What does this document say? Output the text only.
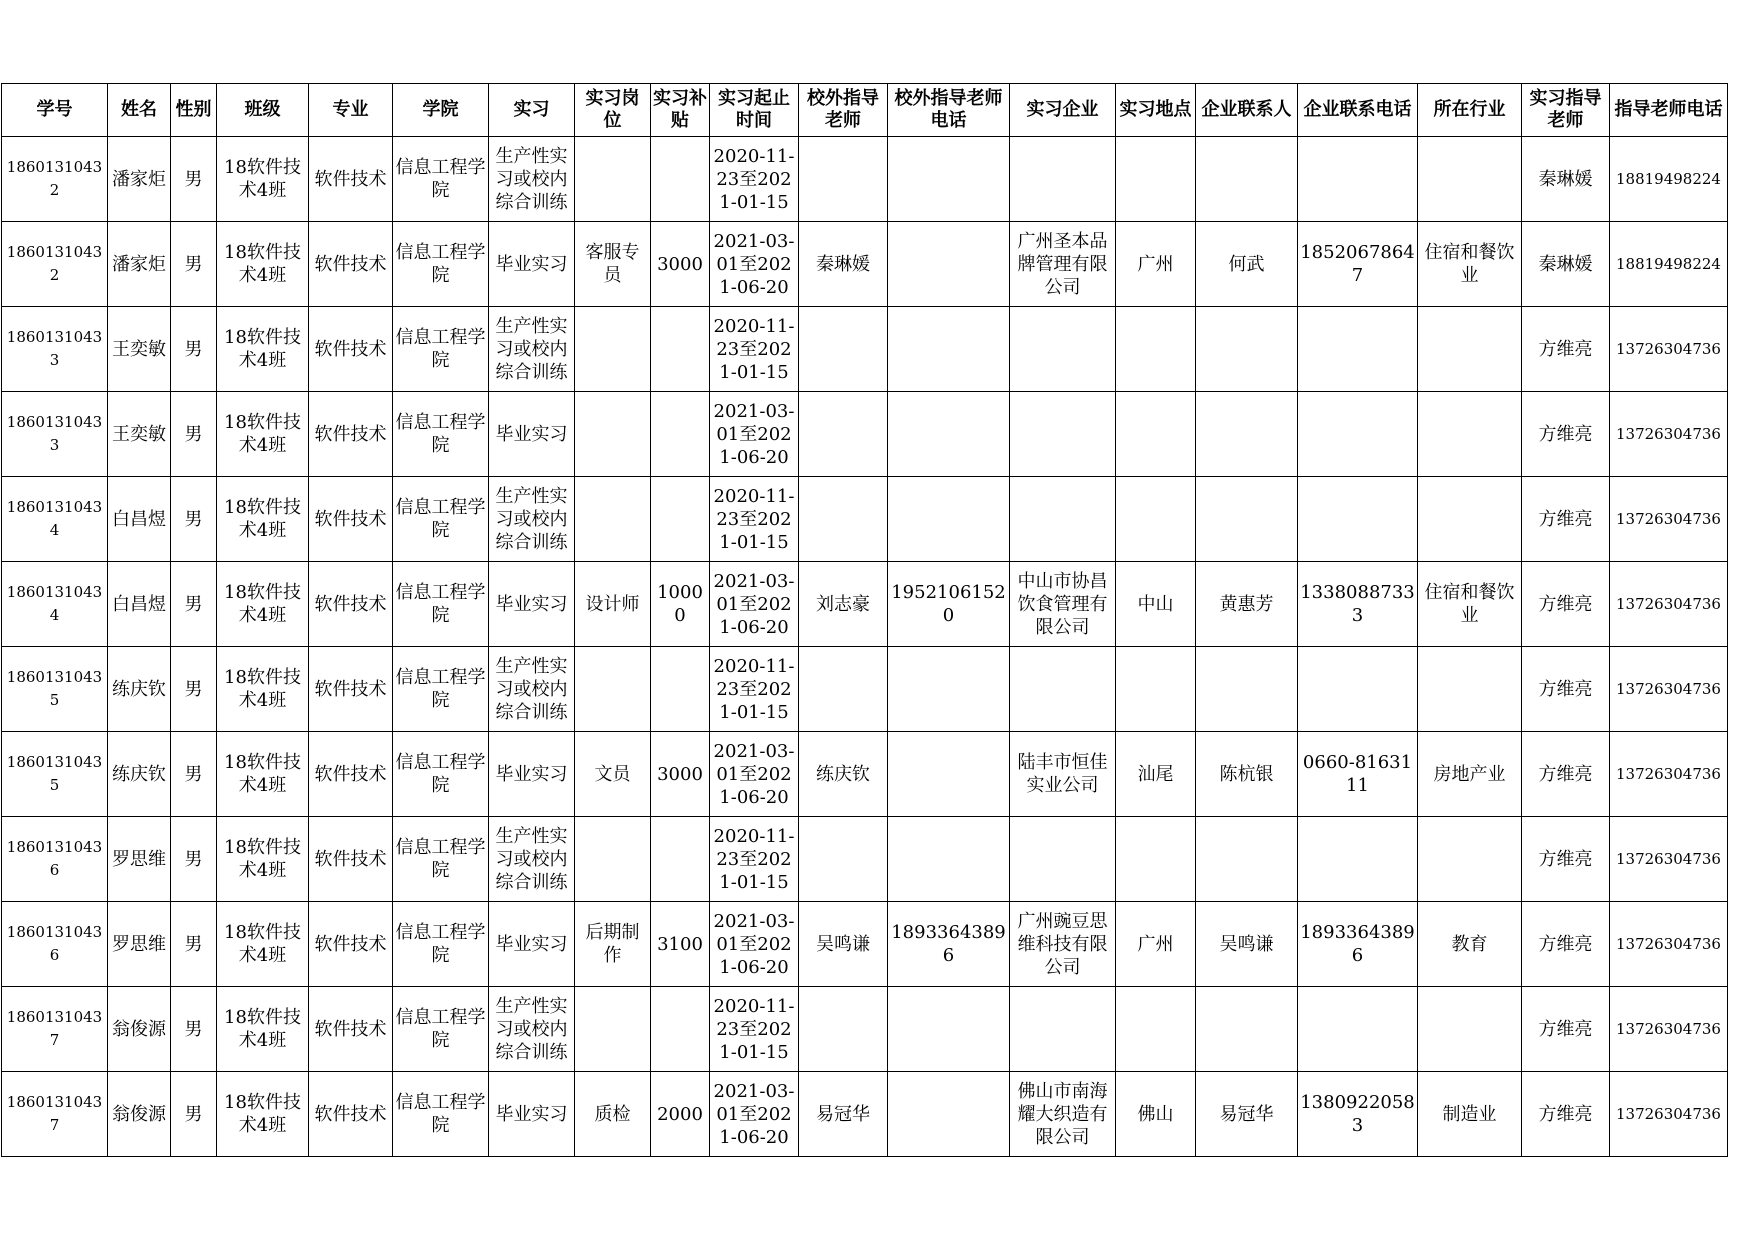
学号	姓名	性别	班级	专业	学院	实习	实习岗位	实习补贴	实习起止时间	校外指导老师	校外指导老师电话	实习企业	实习地点	企业联系人	企业联系电话	所在行业	实习指导老师	指导老师电话

18601310432	潘家炬	男	18软件技术4班	软件技术	信息工程学院	生产性实习或校内综合训练			2020-11-23至2021-01-15								秦琳媛	18819498224

18601310432	潘家炬	男	18软件技术4班	软件技术	信息工程学院	毕业实习	客服专员	3000	2021-03-01至2021-06-20	秦琳媛		广州圣本品牌管理有限公司	广州	何武	18520678647	住宿和餐饮业	秦琳媛	18819498224

18601310433	王奕敏	男	18软件技术4班	软件技术	信息工程学院	生产性实习或校内综合训练			2020-11-23至2021-01-15								方维亮	13726304736

18601310433	王奕敏	男	18软件技术4班	软件技术	信息工程学院	毕业实习			2021-03-01至2021-06-20								方维亮	13726304736

18601310434	白昌煜	男	18软件技术4班	软件技术	信息工程学院	生产性实习或校内综合训练			2020-11-23至2021-01-15								方维亮	13726304736

18601310434	白昌煜	男	18软件技术4班	软件技术	信息工程学院	毕业实习	设计师	10000	2021-03-01至2021-06-20	刘志豪	19521061520	中山市协昌饮食管理有限公司	中山	黄惠芳	13380887333	住宿和餐饮业	方维亮	13726304736

18601310435	练庆钦	男	18软件技术4班	软件技术	信息工程学院	生产性实习或校内综合训练			2020-11-23至2021-01-15								方维亮	13726304736

18601310435	练庆钦	男	18软件技术4班	软件技术	信息工程学院	毕业实习	文员	3000	2021-03-01至2021-06-20	练庆钦		陆丰市恒佳实业公司	汕尾	陈杭银	0660-8163111	房地产业	方维亮	13726304736

18601310436	罗思维	男	18软件技术4班	软件技术	信息工程学院	生产性实习或校内综合训练			2020-11-23至2021-01-15								方维亮	13726304736

18601310436	罗思维	男	18软件技术4班	软件技术	信息工程学院	毕业实习	后期制作	3100	2021-03-01至2021-06-20	吴鸣谦	18933643896	广州豌豆思维科技有限公司	广州	吴鸣谦	18933643896	教育	方维亮	13726304736

18601310437	翁俊源	男	18软件技术4班	软件技术	信息工程学院	生产性实习或校内综合训练			2020-11-23至2021-01-15								方维亮	13726304736

18601310437	翁俊源	男	18软件技术4班	软件技术	信息工程学院	毕业实习	质检	2000	2021-03-01至2021-06-20	易冠华		佛山市南海耀大织造有限公司	佛山	易冠华	13809220583	制造业	方维亮	13726304736
